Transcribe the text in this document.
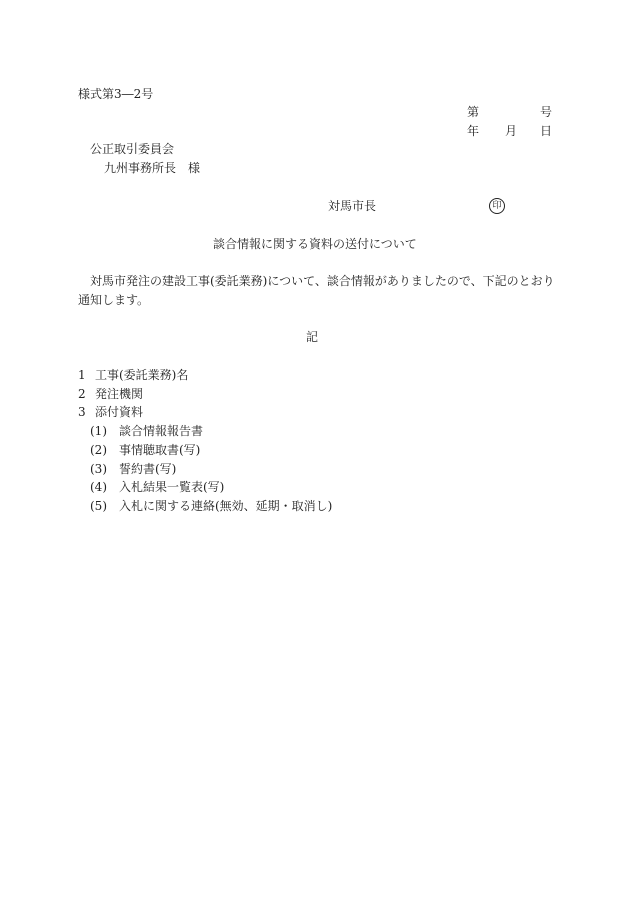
様式第3―2号
第	号
年 月 日
公正取引委員会
九州事務所長　様
対馬市長	印
談合情報に関する資料の送付について
対馬市発注の建設工事(委託業務)について、談合情報がありましたので、下記のとおり
通知します。
記
1 工事(委託業務)名
2 発注機関
3 添付資料
(1) 談合情報報告書
(2) 事情聴取書(写)
(3) 誓約書(写)
(4) 入札結果一覧表(写)
(5) 入札に関する連絡(無効、延期・取消し)
